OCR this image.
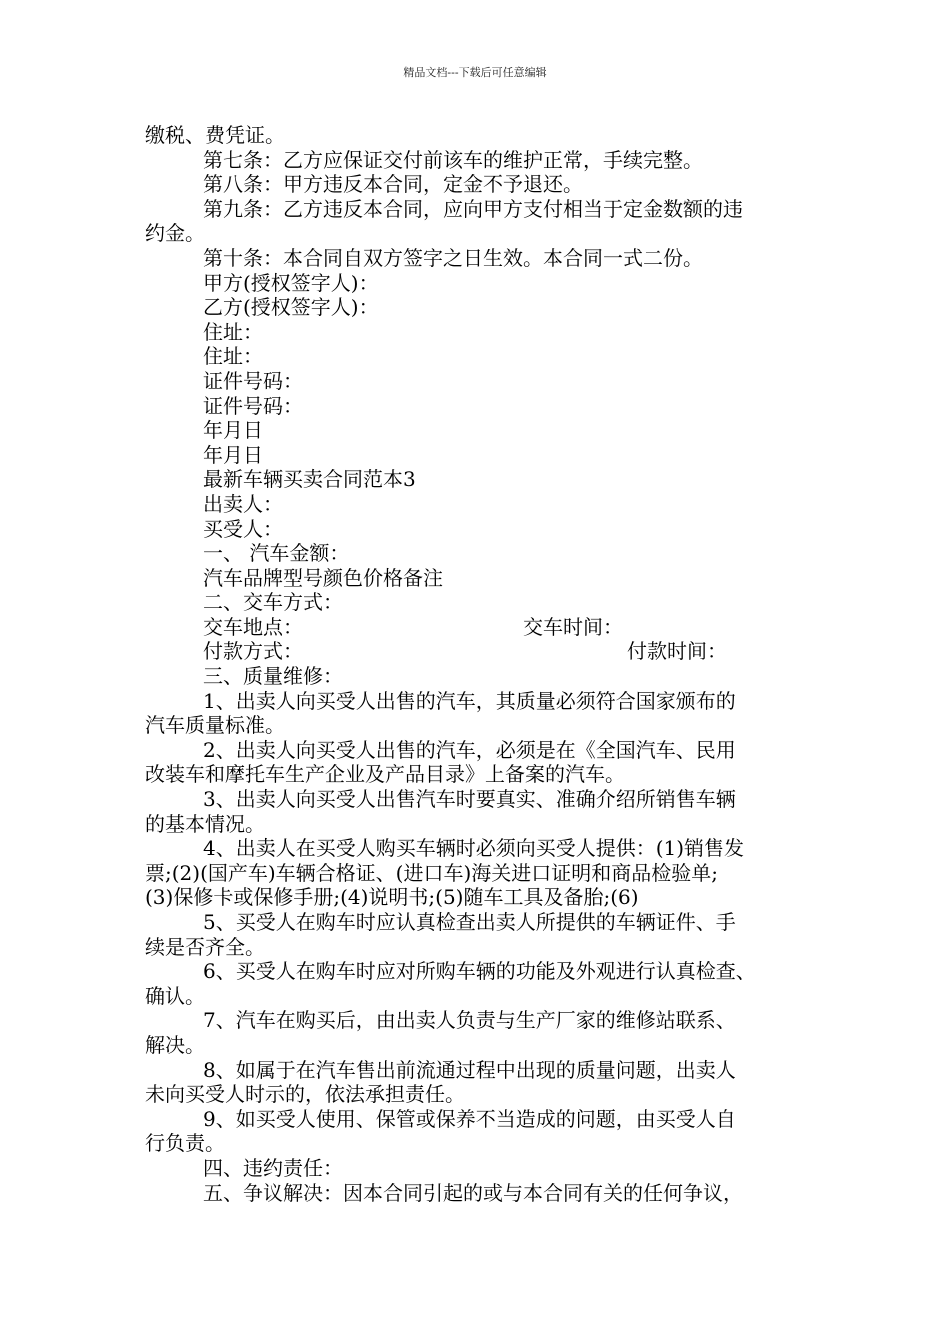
精品文档---下载后可任意编辑
缴税、费凭证。
第七条：乙方应保证交付前该车的维护正常，手续完整。
第八条：甲方违反本合同，定金不予退还。
第九条：乙方违反本合同，应向甲方支付相当于定金数额的违
约金。
第十条：本合同自双方签字之日生效。本合同一式二份。
甲方(授权签字人)：
乙方(授权签字人)：
住址：
住址：
证件号码：
证件号码：
年月日
年月日
最新车辆买卖合同范本3
出卖人：
买受人：
一、 汽车金额：
汽车品牌型号颜色价格备注
二、交车方式：
交车地点：	交车时间：
付款方式：	付款时间：
三、质量维修：
1、出卖人向买受人出售的汽车，其质量必须符合国家颁布的
汽车质量标准。
2、出卖人向买受人出售的汽车，必须是在《全国汽车、民用
改装车和摩托车生产企业及产品目录》上备案的汽车。
3、出卖人向买受人出售汽车时要真实、准确介绍所销售车辆
的基本情况。
4、出卖人在买受人购买车辆时必须向买受人提供：(1)销售发
票;(2)(国产车)车辆合格证、(进口车)海关进口证明和商品检验单;
(3)保修卡或保修手册;(4)说明书;(5)随车工具及备胎;(6)
5、买受人在购车时应认真检查出卖人所提供的车辆证件、手
续是否齐全。
6、买受人在购车时应对所购车辆的功能及外观进行认真检查、
确认。
7、汽车在购买后，由出卖人负责与生产厂家的维修站联系、
解决。
8、如属于在汽车售出前流通过程中出现的质量问题，出卖人
未向买受人时示的，依法承担责任。
9、如买受人使用、保管或保养不当造成的问题，由买受人自
行负责。
四、违约责任：
五、争议解决：因本合同引起的或与本合同有关的任何争议，
